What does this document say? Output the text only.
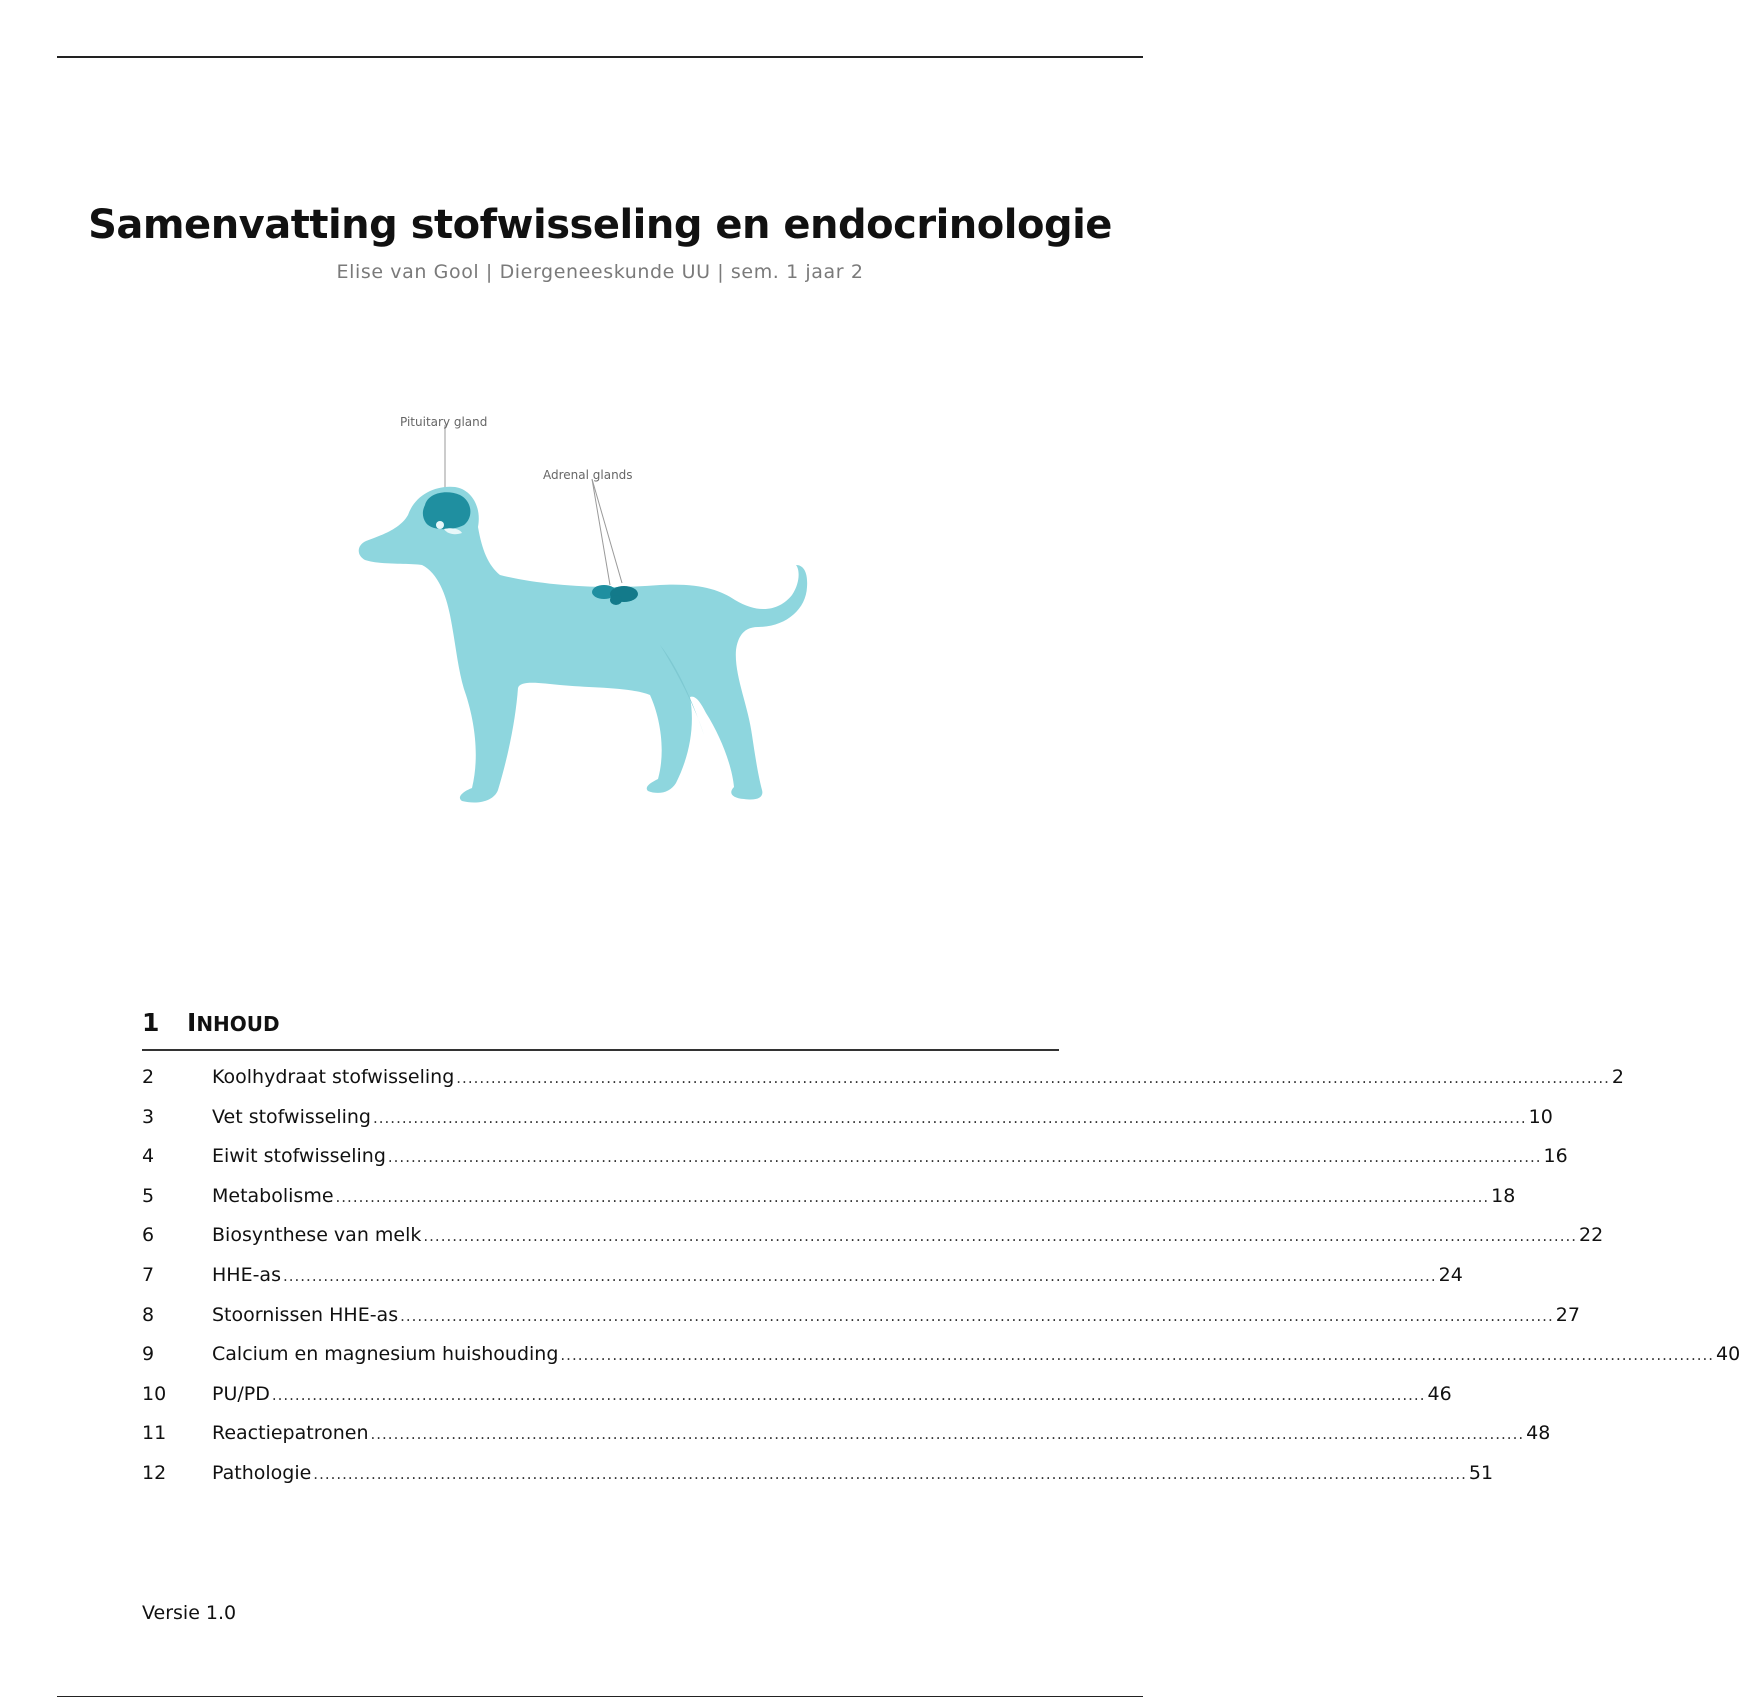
Samenvatting stofwisseling en endocrinologie
Elise van Gool | Diergeneeskunde UU | sem. 1 jaar 2
Pituitary gland
Adrenal glands
1 INHOUD
2	Koolhydraat stofwisseling ........................................................................................................................................................................................................ 2
3	Vet stofwisseling ........................................................................................................................................................................................................ 10
4	Eiwit stofwisseling ........................................................................................................................................................................................................ 16
5	Metabolisme ........................................................................................................................................................................................................ 18
6	Biosynthese van melk ........................................................................................................................................................................................................ 22
7	HHE-as ........................................................................................................................................................................................................ 24
8	Stoornissen HHE-as ........................................................................................................................................................................................................ 27
9	Calcium en magnesium huishouding ........................................................................................................................................................................................................ 40
10	PU/PD ........................................................................................................................................................................................................ 46
11	Reactiepatronen ........................................................................................................................................................................................................ 48
12	Pathologie ........................................................................................................................................................................................................ 51
Versie 1.0
